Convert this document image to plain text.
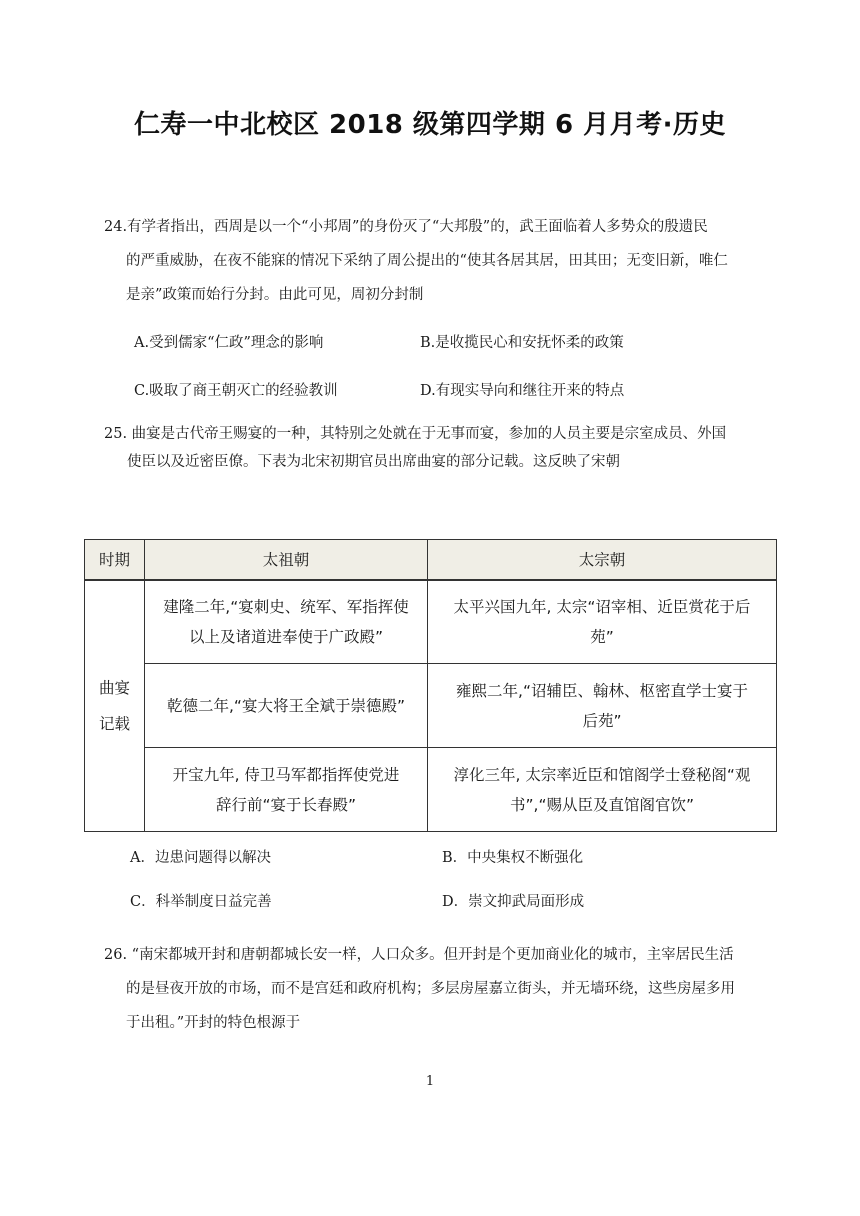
仁寿一中北校区 2018 级第四学期 6 月月考·历史
24.有学者指出，西周是以一个“小邦周”的身份灭了“大邦殷”的，武王面临着人多势众的殷遗民
的严重威胁，在夜不能寐的情况下采纳了周公提出的“使其各居其居，田其田；无变旧新，唯仁
是亲”政策而始行分封。由此可见，周初分封制
A.受到儒家“仁政”理念的影响	B.是收揽民心和安抚怀柔的政策
C.吸取了商王朝灭亡的经验教训	D.有现实导向和继往开来的特点
25. 曲宴是古代帝王赐宴的一种，其特别之处就在于无事而宴，参加的人员主要是宗室成员、外国
使臣以及近密臣僚。下表为北宋初期官员出席曲宴的部分记载。这反映了宋朝
时期	太祖朝	太宗朝

曲宴
记载	建隆二年,“宴刺史、统军、军指挥使
以上及诸道进奉使于广政殿”	太平兴国九年, 太宗“诏宰相、近臣赏花于后
苑”

	乾德二年,“宴大将王全斌于崇德殿”	雍熙二年,“诏辅臣、翰林、枢密直学士宴于
后苑”

	开宝九年, 侍卫马军都指挥使党进
辞行前“宴于长春殿”	淳化三年, 太宗率近臣和馆阁学士登秘阁“观
书”,“赐从臣及直馆阁官饮”
A．边患问题得以解决	B．中央集权不断强化
C．科举制度日益完善	D．崇文抑武局面形成
26. “南宋都城开封和唐朝都城长安一样，人口众多。但开封是个更加商业化的城市，主宰居民生活
的是昼夜开放的市场，而不是宫廷和政府机构；多层房屋嘉立街头，并无墙环绕，这些房屋多用
于出租。”开封的特色根源于
1
